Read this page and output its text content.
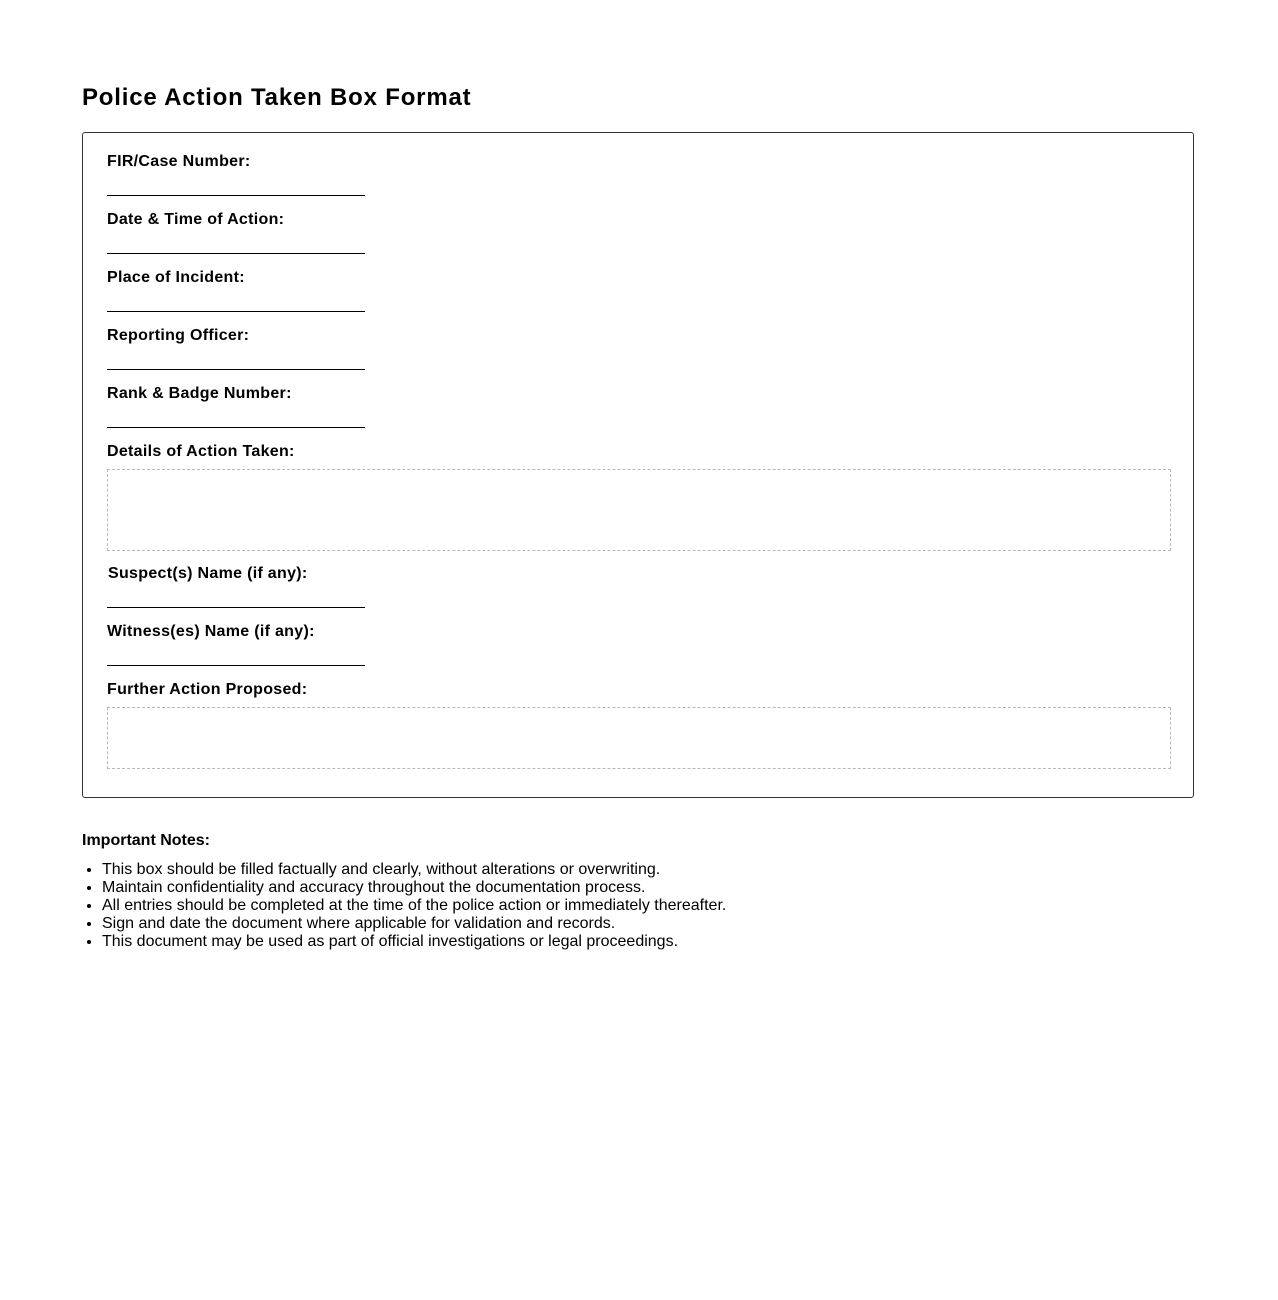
Police Action Taken Box Format
FIR/Case Number:
Date & Time of Action:
Place of Incident:
Reporting Officer:
Rank & Badge Number:
Details of Action Taken:
Suspect(s) Name (if any):
Witness(es) Name (if any):
Further Action Proposed:
Important Notes:
• This box should be filled factually and clearly, without alterations or overwriting.
• Maintain confidentiality and accuracy throughout the documentation process.
• All entries should be completed at the time of the police action or immediately thereafter.
• Sign and date the document where applicable for validation and records.
• This document may be used as part of official investigations or legal proceedings.
